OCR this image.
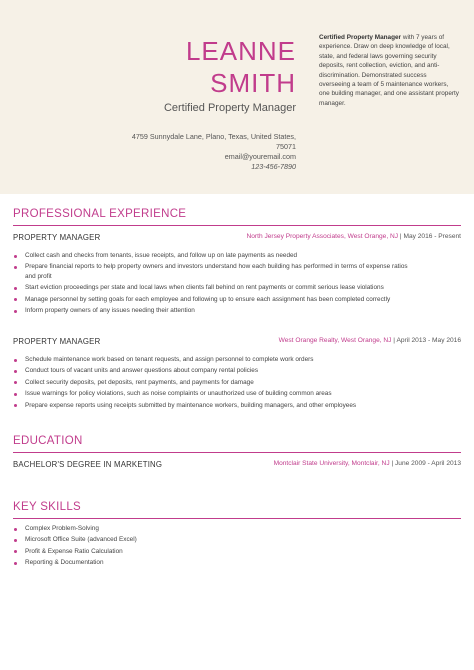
LEANNE
SMITH
Certified Property Manager
4759 Sunnydale Lane, Plano, Texas, United States,
75071
email@youremail.com
123-456-7890
Certified Property Manager with 7 years of experience. Draw on deep knowledge of local, state, and federal laws governing security deposits, rent collection, eviction, and anti-discrimination. Demonstrated success overseeing a team of 5 maintenance workers, one building manager, and one assistant property manager.
PROFESSIONAL EXPERIENCE
PROPERTY MANAGER	North Jersey Property Associates, West Orange, NJ | May 2016 - Present
Collect cash and checks from tenants, issue receipts, and follow up on late payments as needed
Prepare financial reports to help property owners and investors understand how each building has performed in terms of expense ratios
and profit
Start eviction proceedings per state and local laws when clients fall behind on rent payments or commit serious lease violations
Manage personnel by setting goals for each employee and following up to ensure each assignment has been completed correctly
Inform property owners of any issues needing their attention
PROPERTY MANAGER	West Orange Realty, West Orange, NJ | April 2013 - May 2016
Schedule maintenance work based on tenant requests, and assign personnel to complete work orders
Conduct tours of vacant units and answer questions about company rental policies
Collect security deposits, pet deposits, rent payments, and payments for damage
Issue warnings for policy violations, such as noise complaints or unauthorized use of building common areas
Prepare expense reports using receipts submitted by maintenance workers, building managers, and other employees
EDUCATION
BACHELOR'S DEGREE IN MARKETING	Montclair State University, Montclair, NJ | June 2009 - April 2013
KEY SKILLS
Complex Problem-Solving
Microsoft Office Suite (advanced Excel)
Profit & Expense Ratio Calculation
Reporting & Documentation
